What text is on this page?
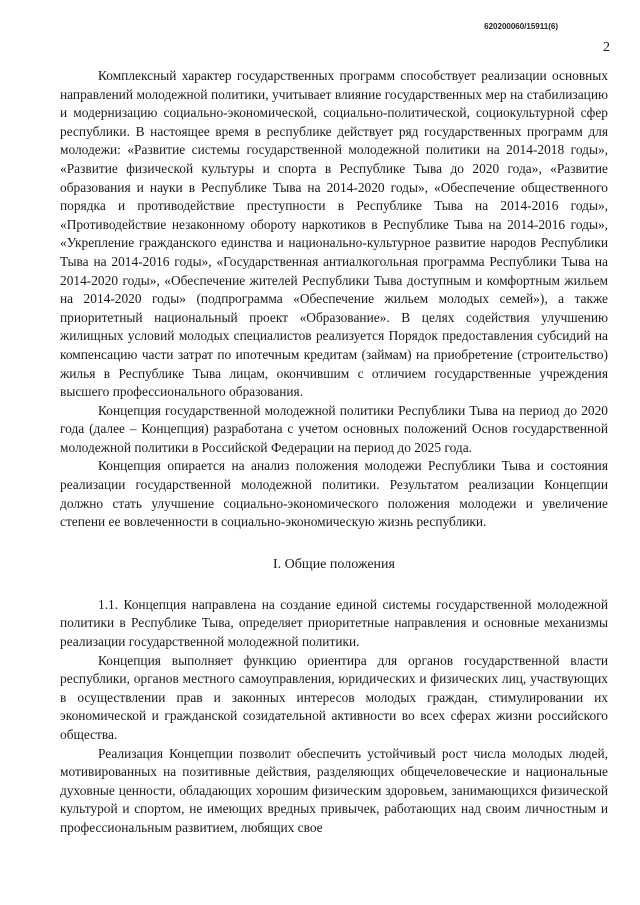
620200060/15911(6)
2

Комплексный характер государственных программ способствует реализации основных направлений молодежной политики, учитывает влияние государственных мер на стабилизацию и модернизацию социально-экономической, социально-политической, социокультурной сфер республики. В настоящее время в республике действует ряд государственных программ для молодежи: «Развитие системы государственной молодежной политики на 2014-2018 годы», «Развитие физической культуры и спорта в Республике Тыва до 2020 года», «Развитие образования и науки в Республике Тыва на 2014-2020 годы», «Обеспечение общественного порядка и противодействие преступности в Республике Тыва на 2014-2016 годы», «Противодействие незаконному обороту наркотиков в Республике Тыва на 2014-2016 годы», «Укрепление гражданского единства и национально-культурное развитие народов Республики Тыва на 2014-2016 годы», «Государственная антиалкогольная программа Республики Тыва на 2014-2020 годы», «Обеспечение жителей Республики Тыва доступным и комфортным жильем на 2014-2020 годы» (подпрограмма «Обеспечение жильем молодых семей»), а также приоритетный национальный проект «Образование». В целях содействия улучшению жилищных условий молодых специалистов реализуется Порядок предоставления субсидий на компенсацию части затрат по ипотечным кредитам (займам) на приобретение (строительство) жилья в Республике Тыва лицам, окончившим с отличием государственные учреждения высшего профессионального образования.

Концепция государственной молодежной политики Республики Тыва на период до 2020 года (далее – Концепция) разработана с учетом основных положений Основ государственной молодежной политики в Российской Федерации на период до 2025 года.

Концепция опирается на анализ положения молодежи Республики Тыва и состояния реализации государственной молодежной политики. Результатом реализации Концепции должно стать улучшение социально-экономического положения молодежи и увеличение степени ее вовлеченности в социально-экономическую жизнь республики.

I. Общие положения

1.1. Концепция направлена на создание единой системы государственной молодежной политики в Республике Тыва, определяет приоритетные направления и основные механизмы реализации государственной молодежной политики.

Концепция выполняет функцию ориентира для органов государственной власти республики, органов местного самоуправления, юридических и физических лиц, участвующих в осуществлении прав и законных интересов молодых граждан, стимулировании их экономической и гражданской созидательной активности во всех сферах жизни российского общества.

Реализация Концепции позволит обеспечить устойчивый рост числа молодых людей, мотивированных на позитивные действия, разделяющих общечеловеческие и национальные духовные ценности, обладающих хорошим физическим здоровьем, занимающихся физической культурой и спортом, не имеющих вредных привычек, работающих над своим личностным и профессиональным развитием, любящих свое
